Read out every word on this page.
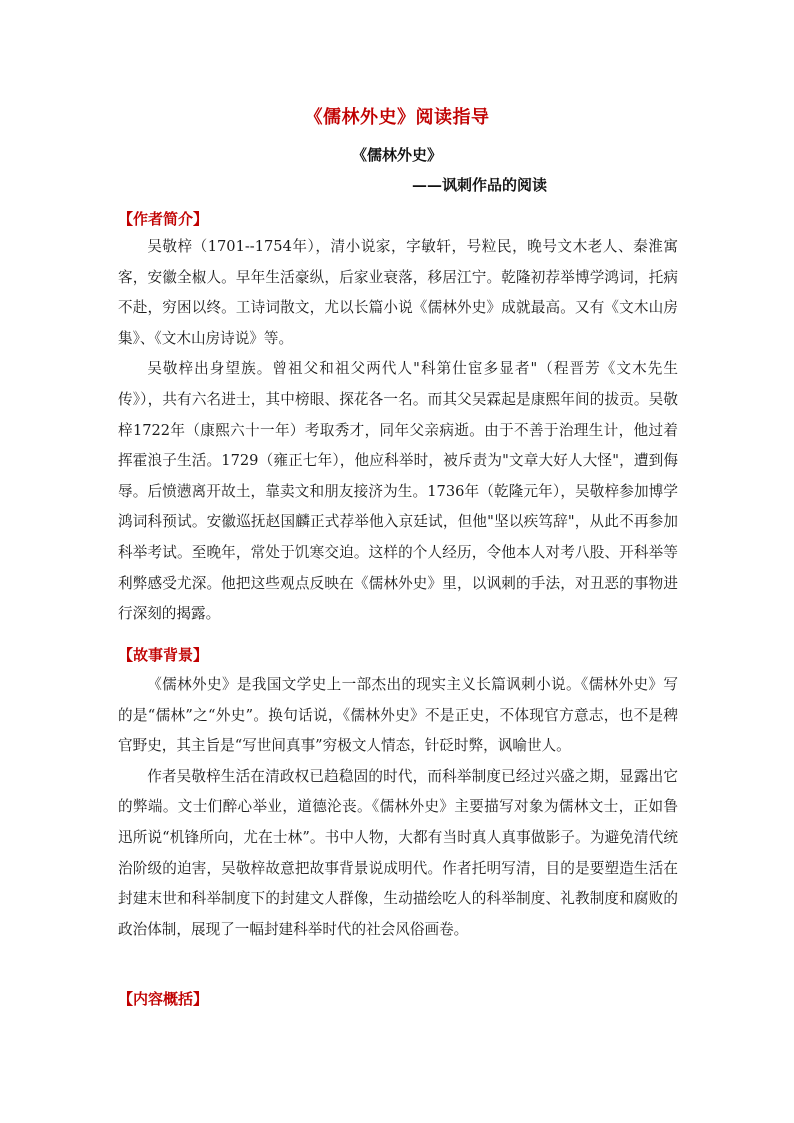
《儒林外史》阅读指导
《儒林外史》
——讽刺作品的阅读
【作者简介】

吴敬梓（1701--1754年），清小说家，字敏轩，号粒民，晚号文木老人、秦淮寓客，安徽全椒人。早年生活豪纵，后家业衰落，移居江宁。乾隆初荐举博学鸿词，托病不赴，穷困以终。工诗词散文，尤以长篇小说《儒林外史》成就最高。又有《文木山房集》、《文木山房诗说》等。

吴敬梓出身望族。曾祖父和祖父两代人"科第仕宦多显者"（程晋芳《文木先生传》），共有六名进士，其中榜眼、探花各一名。而其父吴霖起是康熙年间的拔贡。吴敬梓1722年（康熙六十一年）考取秀才，同年父亲病逝。由于不善于治理生计，他过着挥霍浪子生活。1729（雍正七年），他应科举时，被斥责为"文章大好人大怪"，遭到侮辱。后愤懑离开故土，靠卖文和朋友接济为生。1736年（乾隆元年），吴敬梓参加博学鸿词科预试。安徽巡抚赵国麟正式荐举他入京廷试，但他"坚以疾笃辞"，从此不再参加科举考试。至晚年，常处于饥寒交迫。这样的个人经历，令他本人对考八股、开科举等利弊感受尤深。他把这些观点反映在《儒林外史》里，以讽刺的手法，对丑恶的事物进行深刻的揭露。

【故事背景】

《儒林外史》是我国文学史上一部杰出的现实主义长篇讽刺小说。《儒林外史》写的是“儒林”之“外史”。换句话说，《儒林外史》不是正史，不体现官方意志，也不是稗官野史，其主旨是“写世间真事”穷极文人情态，针砭时弊，讽喻世人。

作者吴敬梓生活在清政权已趋稳固的时代，而科举制度已经过兴盛之期，显露出它的弊端。文士们醉心举业，道德沦丧。《儒林外史》主要描写对象为儒林文士，正如鲁迅所说“机锋所向，尤在士林”。书中人物，大都有当时真人真事做影子。为避免清代统治阶级的迫害，吴敬梓故意把故事背景说成明代。作者托明写清，目的是要塑造生活在封建末世和科举制度下的封建文人群像，生动描绘吃人的科举制度、礼教制度和腐败的政治体制，展现了一幅封建科举时代的社会风俗画卷。

【内容概括】
